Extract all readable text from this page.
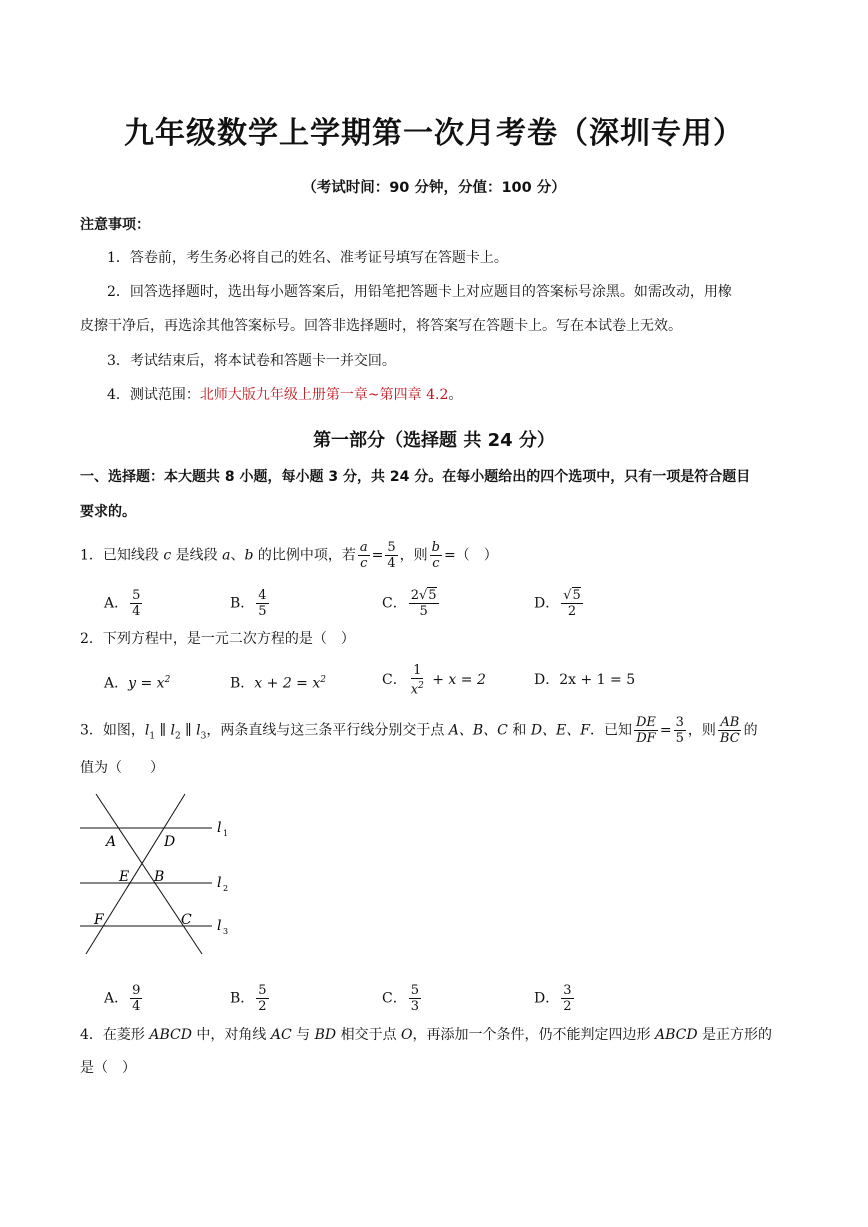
九年级数学上学期第一次月考卷（深圳专用）
（考试时间：90 分钟，分值：100 分）
注意事项：
1．答卷前，考生务必将自己的姓名、准考证号填写在答题卡上。
2．回答选择题时，选出每小题答案后，用铅笔把答题卡上对应题目的答案标号涂黑。如需改动，用橡
皮擦干净后，再选涂其他答案标号。回答非选择题时，将答案写在答题卡上。写在本试卷上无效。
3．考试结束后，将本试卷和答题卡一并交回。
4．测试范围：北师大版九年级上册第一章~第四章 4.2。
第一部分（选择题 共 24 分）
一、选择题：本大题共 8 小题，每小题 3 分，共 24 分。在每小题给出的四个选项中，只有一项是符合题目
要求的。
1．已知线段 c 是线段 a、b 的比例中项，若 $\frac{a}{c} = \frac{5}{4}$ ，则 $\frac{b}{c}$ =（　）
A． $\frac{5}{4}$	B． $\frac{4}{5}$	C． $\frac{2√5}{5}$	D． $\frac{√5}{2}$
2．下列方程中，是一元二次方程的是（　）
A．$y = x^2$	B．$x + 2 = x^2$	C． $\frac{1}{x^2} + x = 2$	D．2x + 1 = 5
3．如图，$l_1$ ∥ $l_2$ ∥ $l_3$，两条直线与这三条平行线分别交于点 A、B、C 和 D、E、F．已知 $\frac{DE}{DF} = \frac{3}{5}$ ，则 $\frac{AB}{BC}$ 的
值为（　　）
A	D
E B
F	C
l 1
l 2
l 3
A． $\frac{9}{4}$	B． $\frac{5}{2}$	C． $\frac{5}{3}$	D． $\frac{3}{2}$
4．在菱形 ABCD 中，对角线 AC 与 BD 相交于点 O，再添加一个条件，仍不能判定四边形 ABCD 是正方形的
是（　）
